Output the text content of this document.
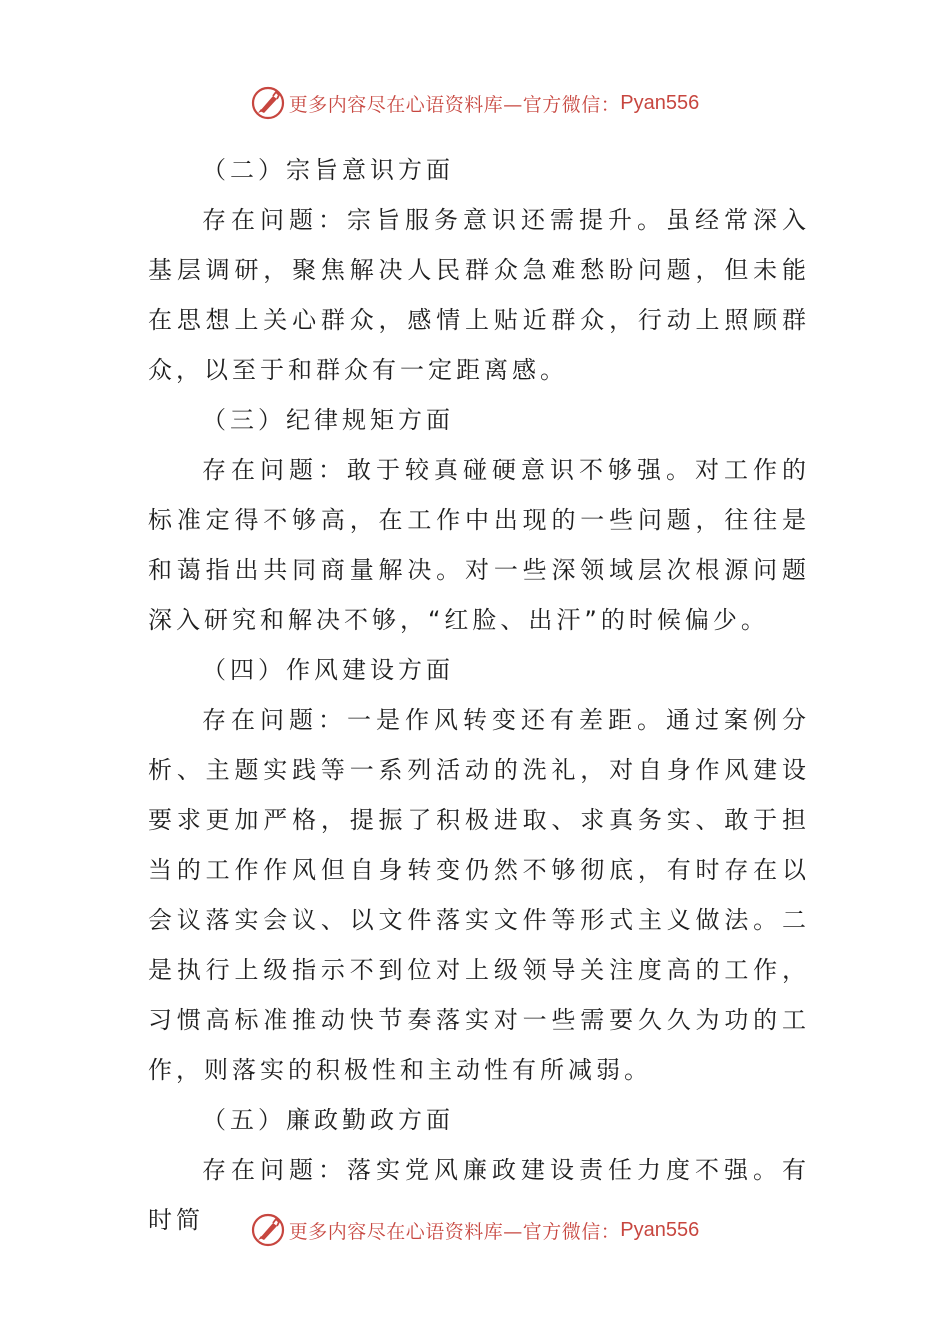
更多内容尽在心语资料库—官方微信： Pyan556

（二）宗旨意识方面

存在问题：宗旨服务意识还需提升。虽经常深入基层调研，聚焦解决人民群众急难愁盼问题，但未能在思想上关心群众，感情上贴近群众，行动上照顾群众，以至于和群众有一定距离感。

（三）纪律规矩方面

存在问题：敢于较真碰硬意识不够强。对工作的标准定得不够高，在工作中出现的一些问题，往往是和蔼指出共同商量解决。对一些深领域层次根源问题深入研究和解决不够，“红脸、出汗”的时候偏少。

（四）作风建设方面

存在问题：一是作风转变还有差距。通过案例分析、主题实践等一系列活动的洗礼，对自身作风建设要求更加严格，提振了积极进取、求真务实、敢于担当的工作作风但自身转变仍然不够彻底，有时存在以会议落实会议、以文件落实文件等形式主义做法。二是执行上级指示不到位对上级领导关注度高的工作，习惯高标准推动快节奏落实对一些需要久久为功的工作，则落实的积极性和主动性有所减弱。

（五）廉政勤政方面

存在问题：落实党风廉政建设责任力度不强。有时简	更多内容尽在心语资料库—官方微信： Pyan556
